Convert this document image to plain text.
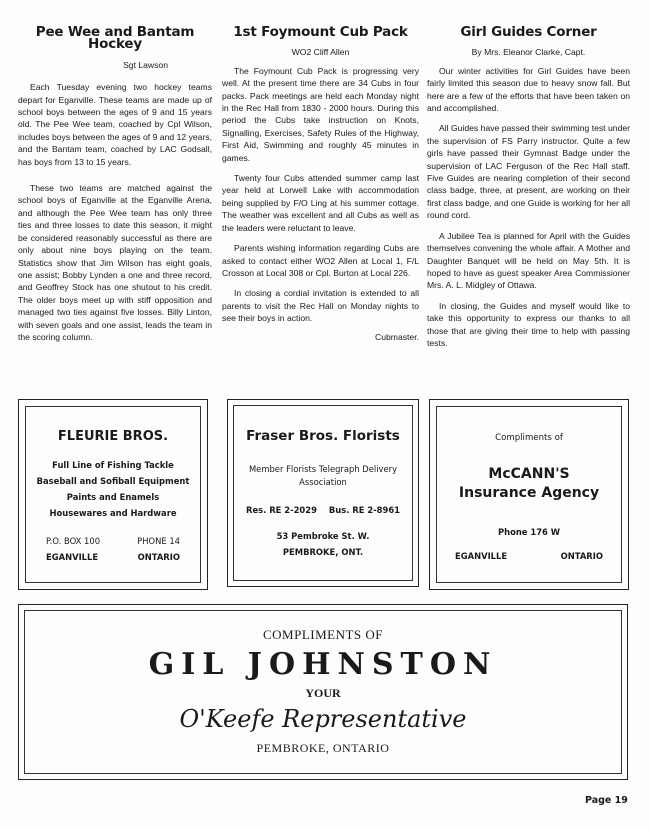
Pee Wee and Bantam Hockey
Sgt Lawson

Each Tuesday evening two hockey teams depart for Eganville. These teams are made up of school boys between the ages of 9 and 15 years old. The Pee Wee team, coached by Cpl Wilson, includes boys between the ages of 9 and 12 years, and the Bantam team, coached by LAC Godsall, has boys from 13 to 15 years.

These two teams are matched against the school boys of Eganville at the Eganville Arena, and although the Pee Wee team has only three ties and three losses to date this season, it might be considered reasonably successful as there are only about nine boys playing on the team. Statistics show that Jim Wilson has eight goals, one assist; Bobby Lynden a one and three record, and Geoffrey Stock has one shutout to his credit. The older boys meet up with stiff opposition and managed two ties against five losses. Billy Linton, with seven goals and one assist, leads the team in the scoring column.

1st Foymount Cub Pack
WO2 Cliff Allen

The Foymount Cub Pack is progressing very well. At the present time there are 34 Cubs in four packs. Pack meetings are held each Monday night in the Rec Hall from 1830 - 2000 hours. During this period the Cubs take instruction on Knots, Signalling, Exercises, Safety Rules of the Highway, First Aid, Swimming and roughly 45 minutes in games.

Twenty four Cubs attended summer camp last year held at Lorwell Lake with accommodation being supplied by F/O Ling at his summer cottage. The weather was excellent and all Cubs as well as the leaders were reluctant to leave.

Parents wishing information regarding Cubs are asked to contact either WO2 Allen at Local 1, F/L Crosson at Local 308 or Cpl. Burton at Local 226.

In closing a cordial invitation is extended to all parents to visit the Rec Hall on Monday nights to see their boys in action.

Cubmaster.
Girl Guides Corner
By Mrs. Eleanor Clarke, Capt.

Our winter activities for Girl Guides have been fairly limited this season due to heavy snow fall. But here are a few of the efforts that have been taken on and accomplished.

All Guides have passed their swimming test under the supervision of FS Parry instructor. Quite a few girls have passed their Gymnast Badge under the supervision of LAC Ferguson of the Rec Hall staff. Five Guides are nearing completion of their second class badge, three, at present, are working on their first class badge, and one Guide is working for her all round cord.

A Jubilee Tea is planned for April with the Guides themselves convening the whole affair. A Mother and Daughter Banquet will be held on May 5th. It is hoped to have as guest speaker Area Commissioner Mrs. A. L. Midgley of Ottawa.

In closing, the Guides and myself would like to take this opportunity to express our thanks to all those that are giving their time to help with passing tests.

FLEURIE BROS.
Full Line of Fishing Tackle
Baseball and Sofiball Equipment
Paints and Enamels
Housewares and Hardware
P.O. BOX 100	PHONE 14
EGANVILLE	ONTARIO
Fraser Bros. Florists
Member Florists Telegraph Delivery
Association
Res. RE 2-2029 Bus. RE 2-8961
53 Pembroke St. W.
PEMBROKE, ONT.
Compliments of
McCANN'S
Insurance Agency
Phone 176 W
EGANVILLE	ONTARIO
COMPLIMENTS OF
GIL JOHNSTON
YOUR
O'Keefe Representative
PEMBROKE, ONTARIO
Page 19
